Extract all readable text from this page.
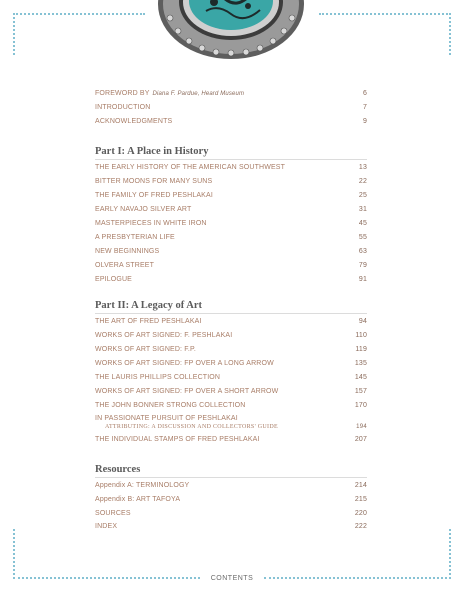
FOREWORD BY Diana F. Pardue, Heard Museum	6
INTRODUCTION	7
ACKNOWLEDGMENTS	9
Part I: A Place in History
THE EARLY HISTORY OF THE AMERICAN SOUTHWEST	13
BITTER MOONS FOR MANY SUNS	22
THE FAMILY OF FRED PESHLAKAI	25
EARLY NAVAJO SILVER ART	31
MASTERPIECES IN WHITE IRON	45
A PRESBYTERIAN LIFE	55
NEW BEGINNINGS	63
OLVERA STREET	79
EPILOGUE	91
Part II: A Legacy of Art
THE ART OF FRED PESHLAKAI	94
WORKS OF ART SIGNED: F. PESHLAKAI	110
WORKS OF ART SIGNED: F.P.	119
WORKS OF ART SIGNED: FP OVER A LONG ARROW	135
THE LAURIS PHILLIPS COLLECTION	145
WORKS OF ART SIGNED: FP OVER A SHORT ARROW	157
THE JOHN BONNER STRONG COLLECTION	170
IN PASSIONATE PURSUIT OF PESHLAKAI
ATTRIBUTING: A DISCUSSION AND COLLECTORS' GUIDE	194
THE INDIVIDUAL STAMPS OF FRED PESHLAKAI	207
Resources
Appendix A: TERMINOLOGY	214
Appendix B: ART TAFOYA	215
SOURCES	220
INDEX	222
CONTENTS
